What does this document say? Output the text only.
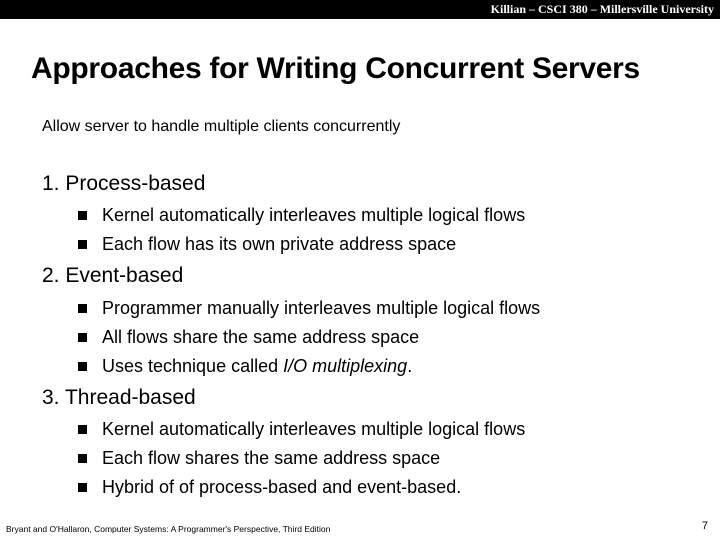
Killian – CSCI 380 – Millersville University
Approaches for Writing Concurrent Servers
Allow server to handle multiple clients concurrently
1. Process-based
Kernel automatically interleaves multiple logical flows
Each flow has its own private address space
2. Event-based
Programmer manually interleaves multiple logical flows
All flows share the same address space
Uses technique called I/O multiplexing.
3. Thread-based
Kernel automatically interleaves multiple logical flows
Each flow shares the same address space
Hybrid of of process-based and event-based.
Bryant and O'Hallaron, Computer Systems: A Programmer's Perspective, Third Edition	7
